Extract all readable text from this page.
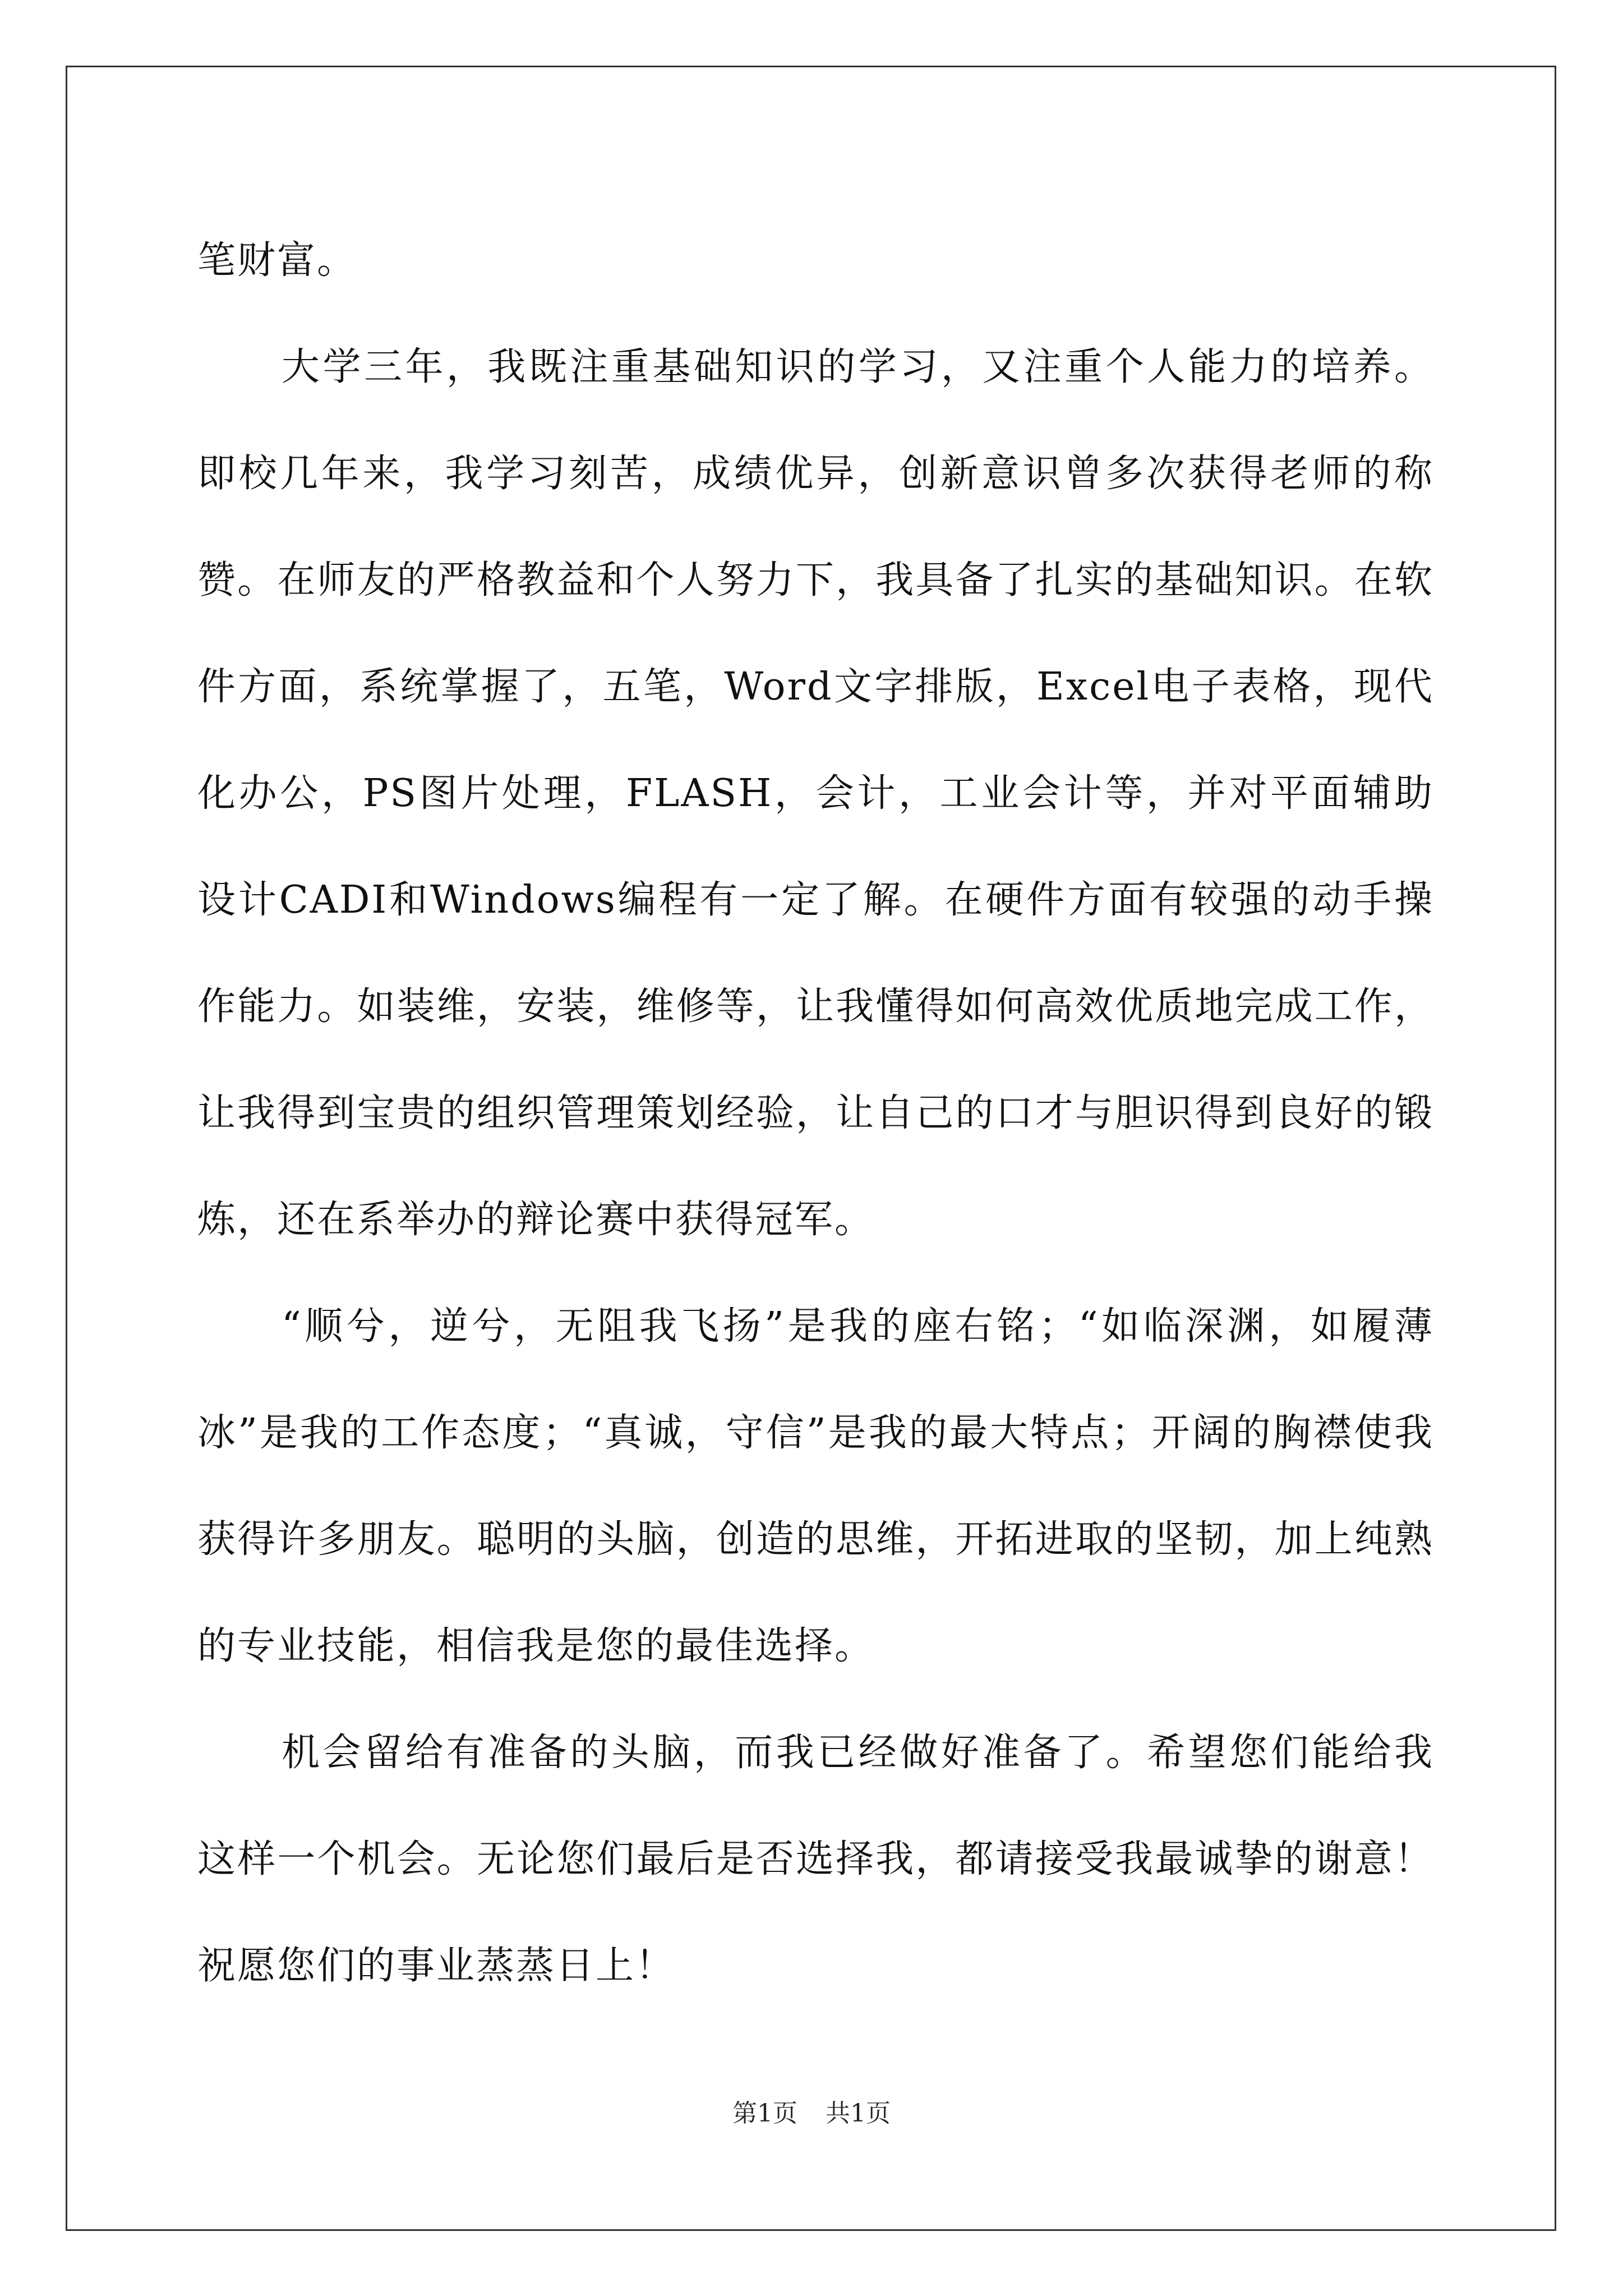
笔财富。

大学三年，我既注重基础知识的学习，又注重个人能力的培养。即校几年来，我学习刻苦，成绩优异，创新意识曾多次获得老师的称赞。在师友的严格教益和个人努力下，我具备了扎实的基础知识。在软件方面，系统掌握了，五笔，Word文字排版，Excel电子表格，现代化办公，PS图片处理，FLASH，会计，工业会计等，并对平面辅助设计CADI和Windows编程有一定了解。在硬件方面有较强的动手操作能力。如装维，安装，维修等，让我懂得如何高效优质地完成工作，让我得到宝贵的组织管理策划经验，让自己的口才与胆识得到良好的锻炼，还在系举办的辩论赛中获得冠军。

“顺兮，逆兮，无阻我飞扬”是我的座右铭；“如临深渊，如履薄冰”是我的工作态度；“真诚，守信”是我的最大特点；开阔的胸襟使我获得许多朋友。聪明的头脑，创造的思维，开拓进取的坚韧，加上纯熟的专业技能，相信我是您的最佳选择。

机会留给有准备的头脑，而我已经做好准备了。希望您们能给我这样一个机会。无论您们最后是否选择我，都请接受我最诚挚的谢意！祝愿您们的事业蒸蒸日上！

第1页 共1页
